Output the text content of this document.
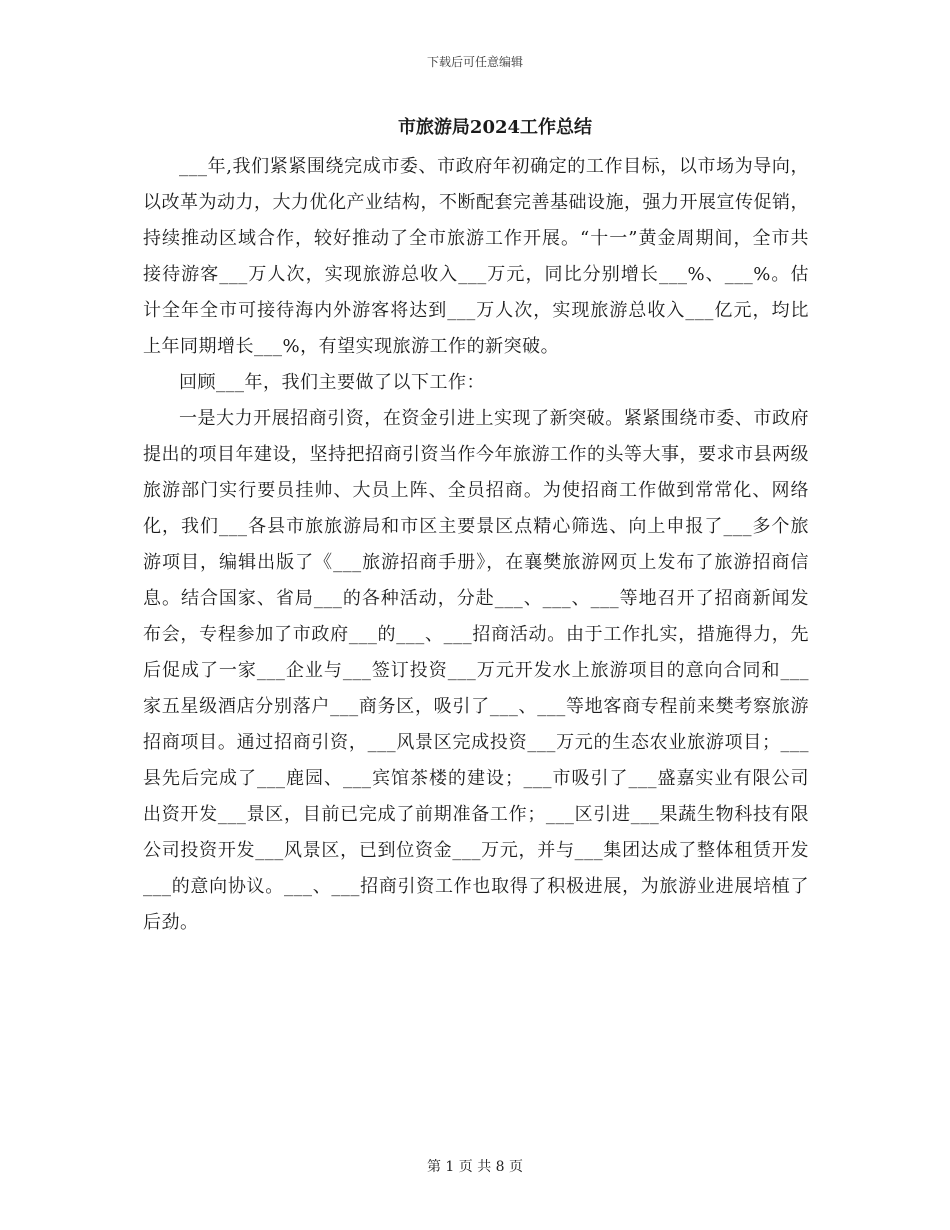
下载后可任意编辑
市旅游局2024工作总结

___年,我们紧紧围绕完成市委、市政府年初确定的工作目标，以市场为导向，以改革为动力，大力优化产业结构，不断配套完善基础设施，强力开展宣传促销，持续推动区域合作，较好推动了全市旅游工作开展。“十一”黄金周期间，全市共接待游客___万人次，实现旅游总收入___万元，同比分别增长___%、___%。估计全年全市可接待海内外游客将达到___万人次，实现旅游总收入___亿元，均比上年同期增长___%，有望实现旅游工作的新突破。

回顾___年，我们主要做了以下工作：

一是大力开展招商引资，在资金引进上实现了新突破。紧紧围绕市委、市政府提出的项目年建设，坚持把招商引资当作今年旅游工作的头等大事，要求市县两级旅游部门实行要员挂帅、大员上阵、全员招商。为使招商工作做到常常化、网络化，我们___各县市旅旅游局和市区主要景区点精心筛选、向上申报了___多个旅游项目，编辑出版了《___旅游招商手册》，在襄樊旅游网页上发布了旅游招商信息。结合国家、省局___的各种活动，分赴___、___、___等地召开了招商新闻发布会，专程参加了市政府___的___、___招商活动。由于工作扎实，措施得力，先后促成了一家___企业与___签订投资___万元开发水上旅游项目的意向合同和___家五星级酒店分别落户___商务区，吸引了___、___等地客商专程前来樊考察旅游招商项目。通过招商引资，___风景区完成投资___万元的生态农业旅游项目；___县先后完成了___鹿园、___宾馆茶楼的建设；___市吸引了___盛嘉实业有限公司出资开发___景区，目前已完成了前期准备工作；___区引进___果蔬生物科技有限公司投资开发___风景区，已到位资金___万元，并与___集团达成了整体租赁开发___的意向协议。___、___招商引资工作也取得了积极进展，为旅游业进展培植了后劲。

第 1 页 共 8 页
